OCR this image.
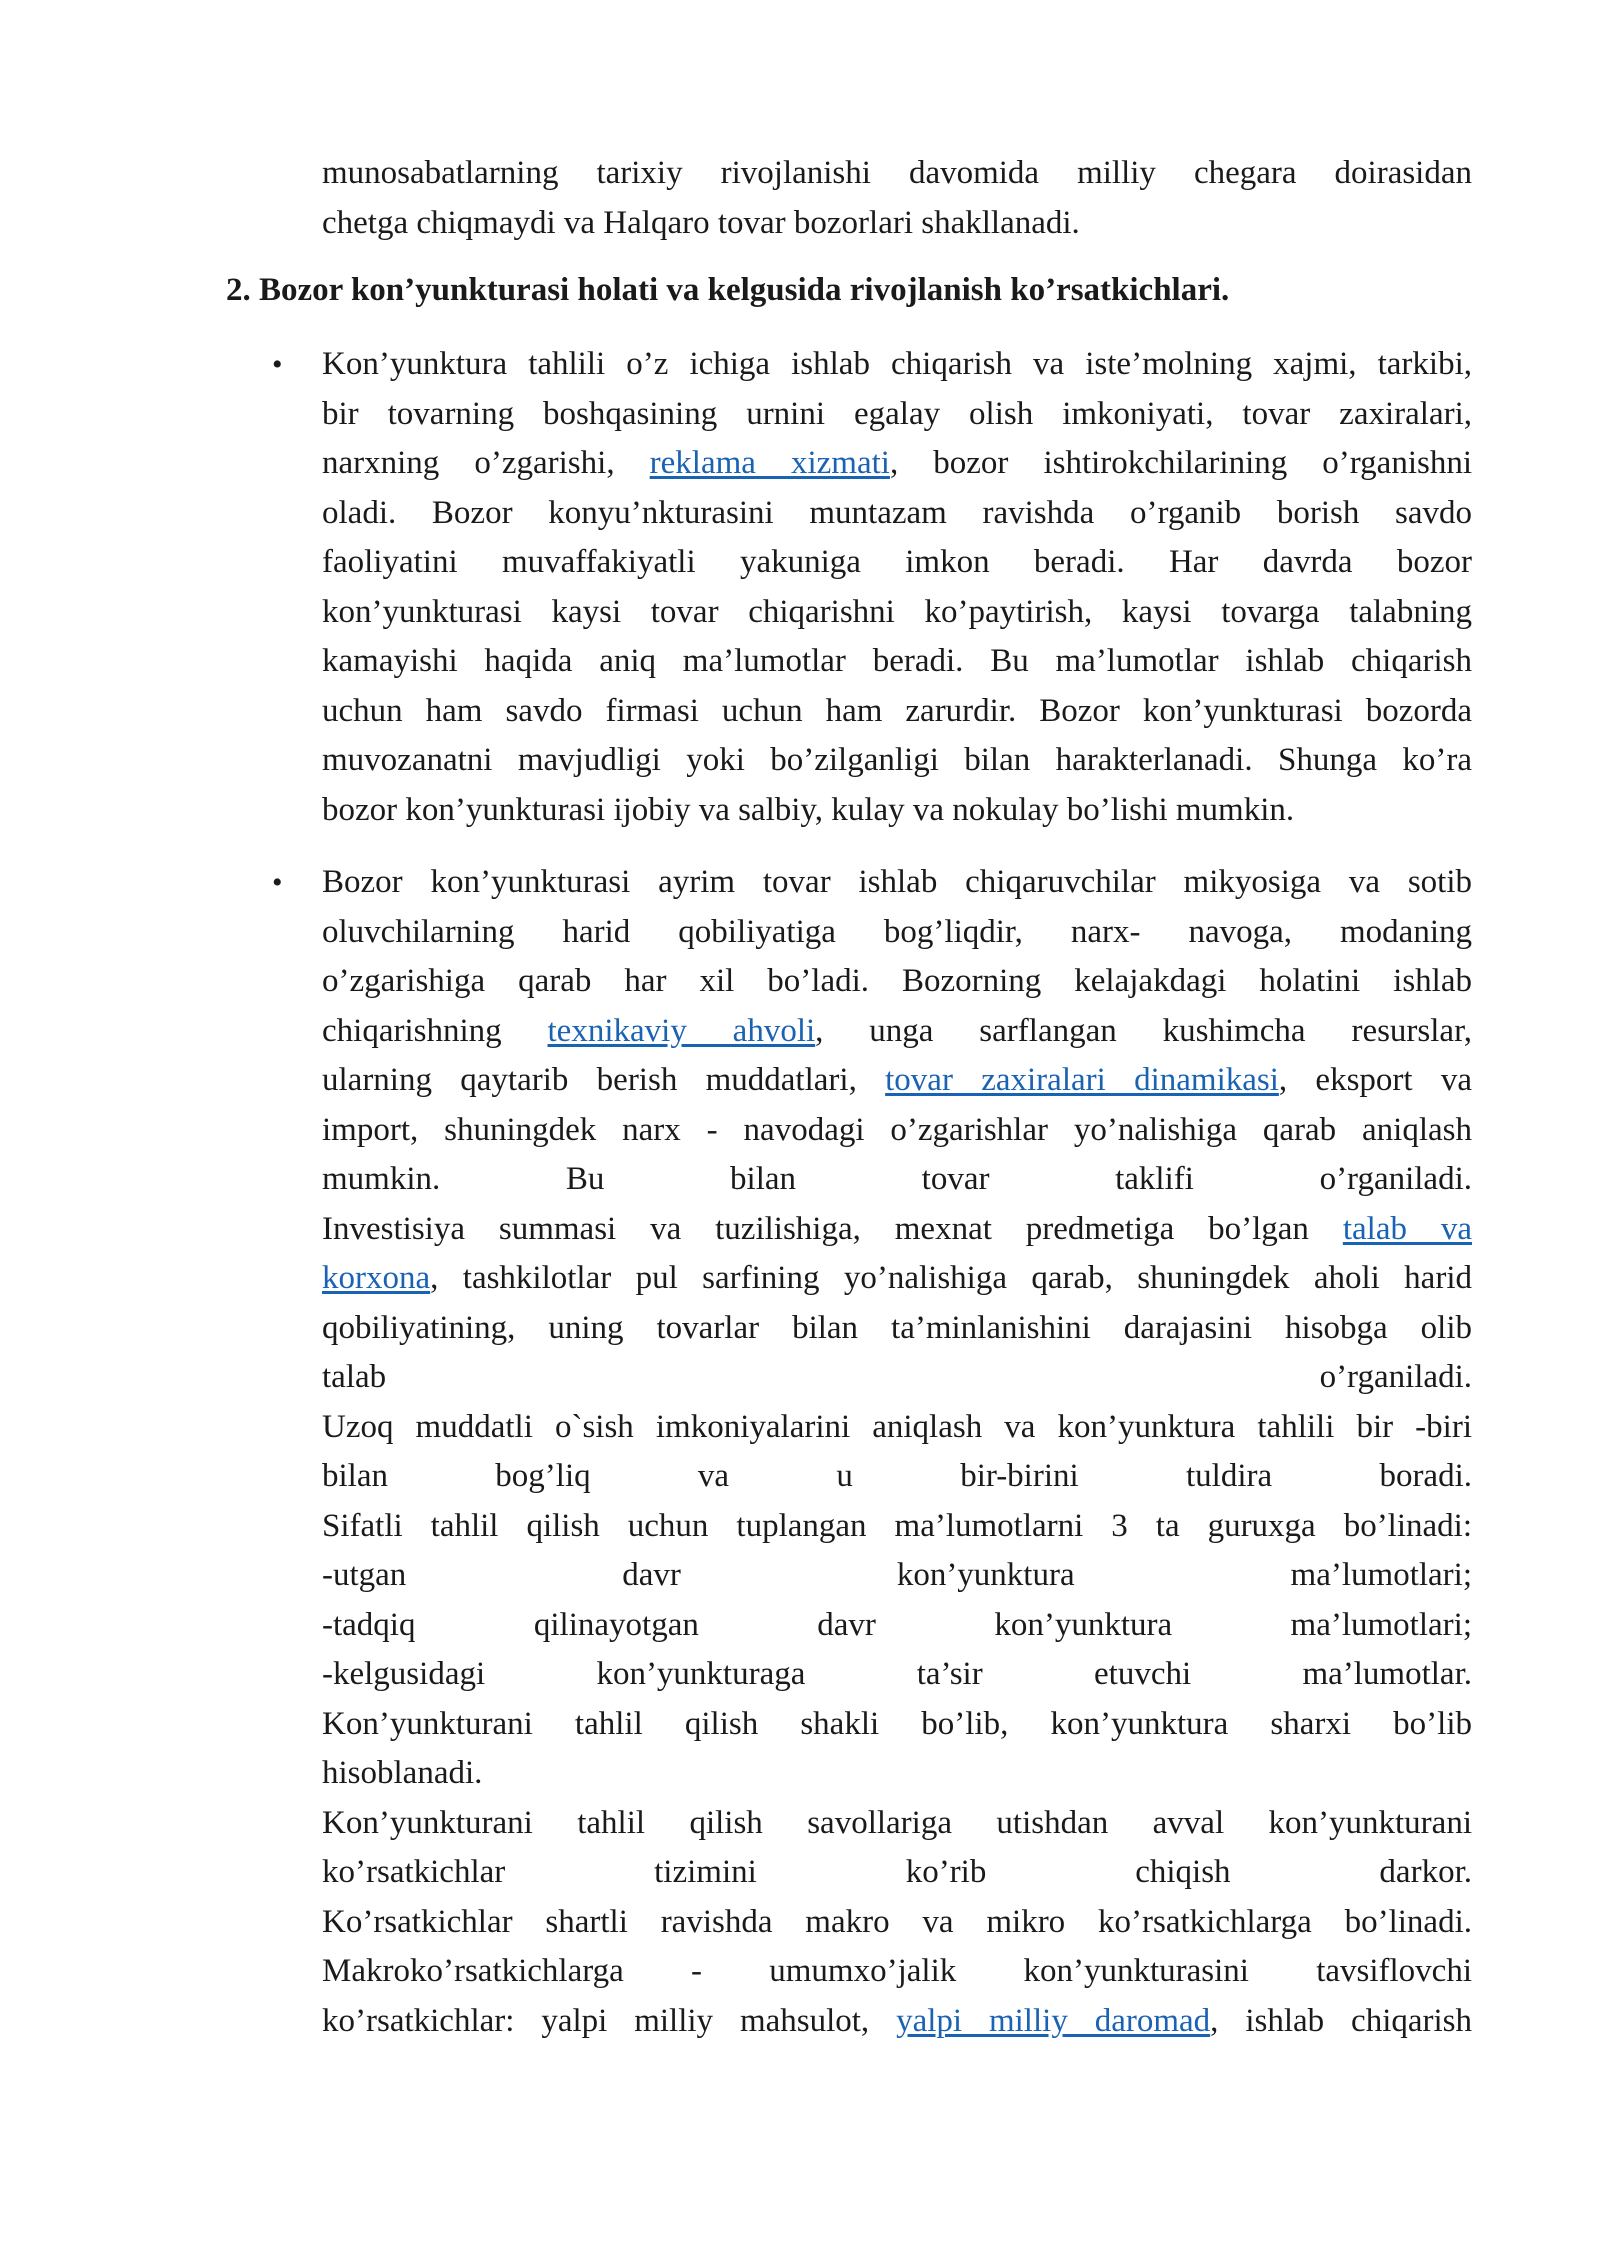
munosabatlarning tarixiy rivojlanishi davomida milliy chegara doirasidan
chetga chiqmaydi va Halqaro tovar bozorlari shakllanadi.
2. Bozor kon’yunkturasi holati va kelgusida rivojlanish ko’rsatkichlari.
• Kon’yunktura tahlili o’z ichiga ishlab chiqarish va iste’molning xajmi, tarkibi,
bir tovarning boshqasining urnini egalay olish imkoniyati, tovar zaxiralari,
narxning o’zgarishi, reklama xizmati, bozor ishtirokchilarining o’rganishni
oladi. Bozor konyu’nkturasini muntazam ravishda o’rganib borish savdo
faoliyatini muvaffakiyatli yakuniga imkon beradi. Har davrda bozor
kon’yunkturasi kaysi tovar chiqarishni ko’paytirish, kaysi tovarga talabning
kamayishi haqida aniq ma’lumotlar beradi. Bu ma’lumotlar ishlab chiqarish
uchun ham savdo firmasi uchun ham zarurdir. Bozor kon’yunkturasi bozorda
muvozanatni mavjudligi yoki bo’zilganligi bilan harakterlanadi. Shunga ko’ra
bozor kon’yunkturasi ijobiy va salbiy, kulay va nokulay bo’lishi mumkin.
• Bozor kon’yunkturasi ayrim tovar ishlab chiqaruvchilar mikyosiga va sotib
oluvchilarning harid qobiliyatiga bog’liqdir, narx- navoga, modaning
o’zgarishiga qarab har xil bo’ladi. Bozorning kelajakdagi holatini ishlab
chiqarishning texnikaviy ahvoli, unga sarflangan kushimcha resurslar,
ularning qaytarib berish muddatlari, tovar zaxiralari dinamikasi, eksport va
import, shuningdek narx - navodagi o’zgarishlar yo’nalishiga qarab aniqlash
mumkin. Bu bilan tovar taklifi o’rganiladi.
Investisiya summasi va tuzilishiga, mexnat predmetiga bo’lgan talab va
korxona, tashkilotlar pul sarfining yo’nalishiga qarab, shuningdek aholi harid
qobiliyatining, uning tovarlar bilan ta’minlanishini darajasini hisobga olib
talab o’rganiladi.
Uzoq muddatli o`sish imkoniyalarini aniqlash va kon’yunktura tahlili bir -biri
bilan bog’liq va u bir-birini tuldira boradi.
Sifatli tahlil qilish uchun tuplangan ma’lumotlarni 3 ta guruxga bo’linadi:
-utgan davr kon’yunktura ma’lumotlari;
-tadqiq qilinayotgan davr kon’yunktura ma’lumotlari;
-kelgusidagi kon’yunkturaga ta’sir etuvchi ma’lumotlar.
Kon’yunkturani tahlil qilish shakli bo’lib, kon’yunktura sharxi bo’lib
hisoblanadi.
Kon’yunkturani tahlil qilish savollariga utishdan avval kon’yunkturani
ko’rsatkichlar tizimini ko’rib chiqish darkor.
Ko’rsatkichlar shartli ravishda makro va mikro ko’rsatkichlarga bo’linadi.
Makroko’rsatkichlarga - umumxo’jalik kon’yunkturasini tavsiflovchi
ko’rsatkichlar: yalpi milliy mahsulot, yalpi milliy daromad, ishlab chiqarish
